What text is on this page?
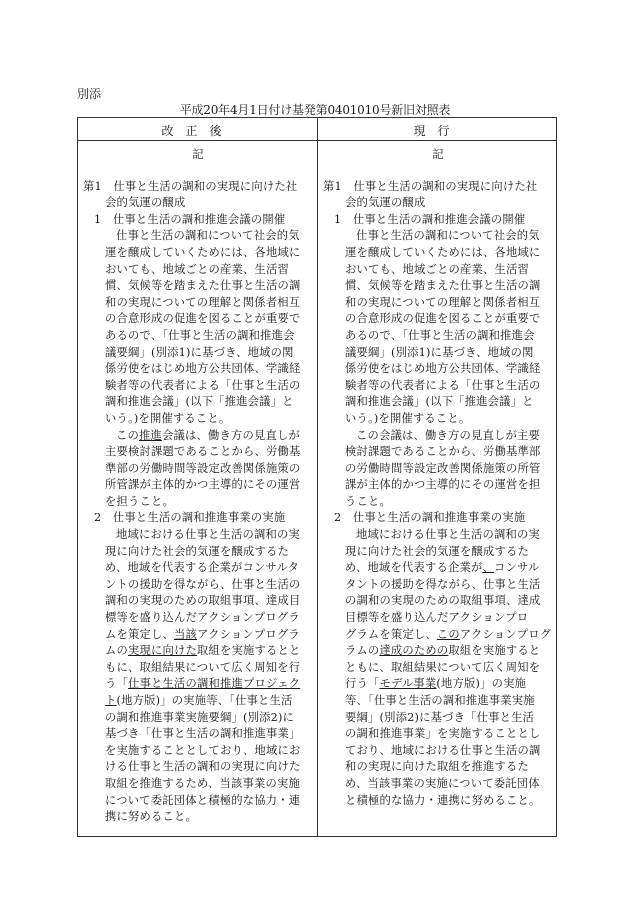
別添
平成20年4月1日付け基発第0401010号新旧対照表
改正後	現行
記
第1　仕事と生活の調和の実現に向けた社
会的気運の醸成
1　仕事と生活の調和推進会議の開催
仕事と生活の調和について社会的気
運を醸成していくためには、各地域に
おいても、地域ごとの産業、生活習
慣、気候等を踏まえた仕事と生活の調
和の実現についての理解と関係者相互
の合意形成の促進を図ることが重要で
あるので、「仕事と生活の調和推進会
議要綱」(別添1)に基づき、地域の関
係労使をはじめ地方公共団体、学識経
験者等の代表者による「仕事と生活の
調和推進会議」(以下「推進会議」と
いう。)を開催すること。
この推進会議は、働き方の見直しが
主要検討課題であることから、労働基
準部の労働時間等設定改善関係施策の
所管課が主体的かつ主導的にその運営
を担うこと。
2　仕事と生活の調和推進事業の実施
地域における仕事と生活の調和の実
現に向けた社会的気運を醸成するた
め、地域を代表する企業がコンサルタ
ントの援助を得ながら、仕事と生活の
調和の実現のための取組事項、達成目
標等を盛り込んだアクションプログラ
ムを策定し、当該アクションプログラ
ムの実現に向けた取組を実施するとと
もに、取組結果について広く周知を行
う「仕事と生活の調和推進プロジェク
ト(地方版)」の実施等、「仕事と生活
の調和推進事業実施要綱」(別添2)に
基づき「仕事と生活の調和推進事業」
を実施することとしており、地域にお
ける仕事と生活の調和の実現に向けた
取組を推進するため、当該事業の実施
について委託団体と積極的な協力・連
携に努めること。
記
第1　仕事と生活の調和の実現に向けた社
会的気運の醸成
1　仕事と生活の調和推進会議の開催
仕事と生活の調和について社会的気
運を醸成していくためには、各地域に
おいても、地域ごとの産業、生活習
慣、気候等を踏まえた仕事と生活の調
和の実現についての理解と関係者相互
の合意形成の促進を図ることが重要で
あるので、「仕事と生活の調和推進会
議要綱」(別添1)に基づき、地域の関
係労使をはじめ地方公共団体、学識経
験者等の代表者による「仕事と生活の
調和推進会議」(以下「推進会議」と
いう。)を開催すること。
この会議は、働き方の見直しが主要
検討課題であることから、労働基準部
の労働時間等設定改善関係施策の所管
課が主体的かつ主導的にその運営を担
うこと。
2　仕事と生活の調和推進事業の実施
地域における仕事と生活の調和の実
現に向けた社会的気運を醸成するた
め、地域を代表する企業が、コンサル
タントの援助を得ながら、仕事と生活
の調和の実現のための取組事項、達成
目標等を盛り込んだアクションプロ
グラムを策定し、このアクションプログ
ラムの達成のための取組を実施すると
ともに、取組結果について広く周知を
行う「モデル事業(地方版)」の実施
等、「仕事と生活の調和推進事業実施
要綱」(別添2)に基づき「仕事と生活
の調和推進事業」を実施することとし
ており、地域における仕事と生活の調
和の実現に向けた取組を推進するた
め、当該事業の実施について委託団体
と積極的な協力・連携に努めること。
